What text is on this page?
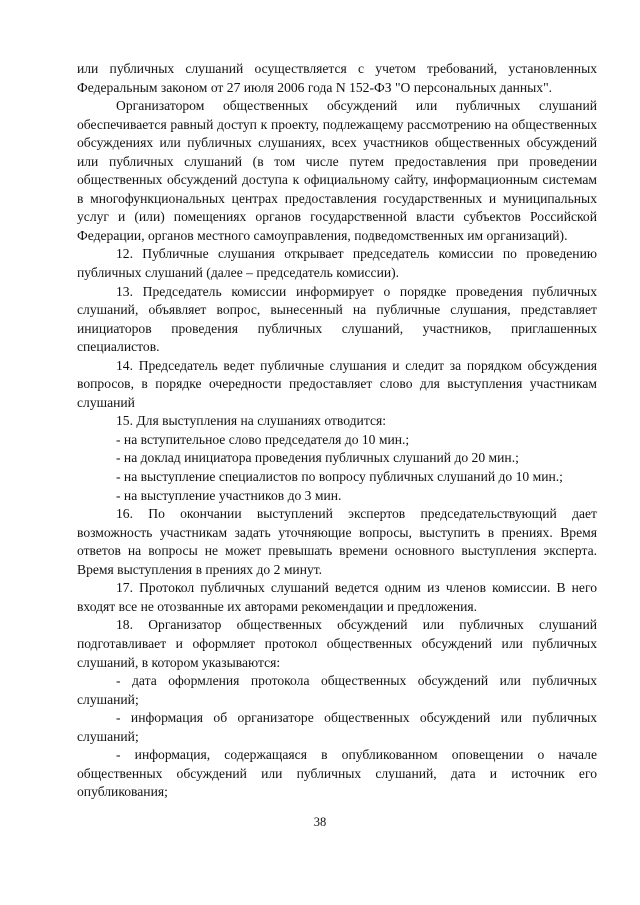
или публичных слушаний осуществляется с учетом требований, установленных Федеральным законом от 27 июля 2006 года N 152-ФЗ "О персональных данных".

Организатором общественных обсуждений или публичных слушаний обеспечивается равный доступ к проекту, подлежащему рассмотрению на общественных обсуждениях или публичных слушаниях, всех участников общественных обсуждений или публичных слушаний (в том числе путем предоставления при проведении общественных обсуждений доступа к официальному сайту, информационным системам в многофункциональных центрах предоставления государственных и муниципальных услуг и (или) помещениях органов государственной власти субъектов Российской Федерации, органов местного самоуправления, подведомственных им организаций).

12. Публичные слушания открывает председатель комиссии по проведению публичных слушаний (далее – председатель комиссии).

13. Председатель комиссии информирует о порядке проведения публичных слушаний, объявляет вопрос, вынесенный на публичные слушания, представляет инициаторов проведения публичных слушаний, участников, приглашенных специалистов.

14. Председатель ведет публичные слушания и следит за порядком обсуждения вопросов, в порядке очередности предоставляет слово для выступления участникам слушаний

15. Для выступления на слушаниях отводится:

- на вступительное слово председателя до 10 мин.;

- на доклад инициатора проведения публичных слушаний до 20 мин.;

- на выступление специалистов по вопросу публичных слушаний до 10 мин.;

- на выступление участников до 3 мин.

16. По окончании выступлений экспертов председательствующий дает возможность участникам задать уточняющие вопросы, выступить в прениях. Время ответов на вопросы не может превышать времени основного выступления эксперта. Время выступления в прениях до 2 минут.

17. Протокол публичных слушаний ведется одним из членов комиссии. В него входят все не отозванные их авторами рекомендации и предложения.

18. Организатор общественных обсуждений или публичных слушаний подготавливает и оформляет протокол общественных обсуждений или публичных слушаний, в котором указываются:

- дата оформления протокола общественных обсуждений или публичных слушаний;

- информация об организаторе общественных обсуждений или публичных слушаний;

- информация, содержащаяся в опубликованном оповещении о начале общественных обсуждений или публичных слушаний, дата и источник его опубликования;

38
